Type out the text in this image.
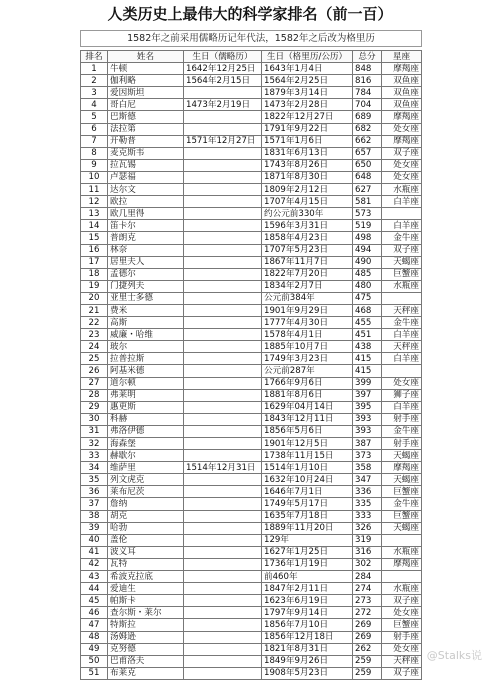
人类历史上最伟大的科学家排名（前一百）
1582年之前采用儒略历记年代法，1582年之后改为格里历
排名	姓名	生日（儒略历）	生日（格里历/公历）	总分	星座
1	牛顿	1642年12月25日	1643年1月4日	848	摩羯座
2	伽利略	1564年2月15日	1564年2月25日	816	双鱼座
3	爱因斯坦		1879年3月14日	784	双鱼座
4	哥白尼	1473年2月19日	1473年2月28日	704	双鱼座
5	巴斯德		1822年12月27日	689	摩羯座
6	法拉第		1791年9月22日	682	处女座
7	开勒普	1571年12月27日	1571年1月6日	662	摩羯座
8	麦克斯韦		1831年6月13日	657	双子座
9	拉瓦锡		1743年8月26日	650	处女座
10	卢瑟福		1871年8月30日	648	处女座
11	达尔文		1809年2月12日	627	水瓶座
12	欧拉		1707年4月15日	581	白羊座
13	欧几里得		约公元前330年	573	
14	笛卡尔		1596年3月31日	519	白羊座
15	普朗克		1858年4月23日	498	金牛座
16	林奈		1707年5月23日	494	双子座
17	居里夫人		1867年11月7日	490	天蝎座
18	孟德尔		1822年7月20日	485	巨蟹座
19	门捷列夫		1834年2月7日	480	水瓶座
20	亚里士多德		公元前384年	475	
21	费米		1901年9月29日	468	天秤座
22	高斯		1777年4月30日	455	金牛座
23	威廉・哈维		1578年4月1日	451	白羊座
24	玻尔		1885年10月7日	438	天秤座
25	拉普拉斯		1749年3月23日	415	白羊座
26	阿基米德		公元前287年	415	
27	道尔顿		1766年9月6日	399	处女座
28	弗莱明		1881年8月6日	397	狮子座
29	惠更斯		1629年04月14日	395	白羊座
30	科赫		1843年12月11日	393	射手座
31	弗洛伊德		1856年5月6日	393	金牛座
32	海森堡		1901年12月5日	387	射手座
33	赫歇尔		1738年11月15日	373	天蝎座
34	维萨里	1514年12月31日	1514年1月10日	358	摩羯座
35	列文虎克		1632年10月24日	347	天蝎座
36	莱布尼茨		1646年7月1日	336	巨蟹座
37	詹纳		1749年5月17日	335	金牛座
38	胡克		1635年7月18日	333	巨蟹座
39	哈勃		1889年11月20日	326	天蝎座
40	盖伦		129年	319	
41	波义耳		1627年1月25日	316	水瓶座
42	瓦特		1736年1月19日	302	摩羯座
43	希波克拉底		前460年	284	
44	爱迪生		1847年2月11日	274	水瓶座
45	帕斯卡		1623年6月19日	273	双子座
46	查尔斯・莱尔		1797年9月14日	272	处女座
47	特斯拉		1856年7月10日	269	巨蟹座
48	汤姆逊		1856年12月18日	269	射手座
49	克努德		1821年8月31日	262	处女座
50	巴甫洛夫		1849年9月26日	259	天秤座
51	布莱克		1908年5月23日	259	双子座
@Stalks说
